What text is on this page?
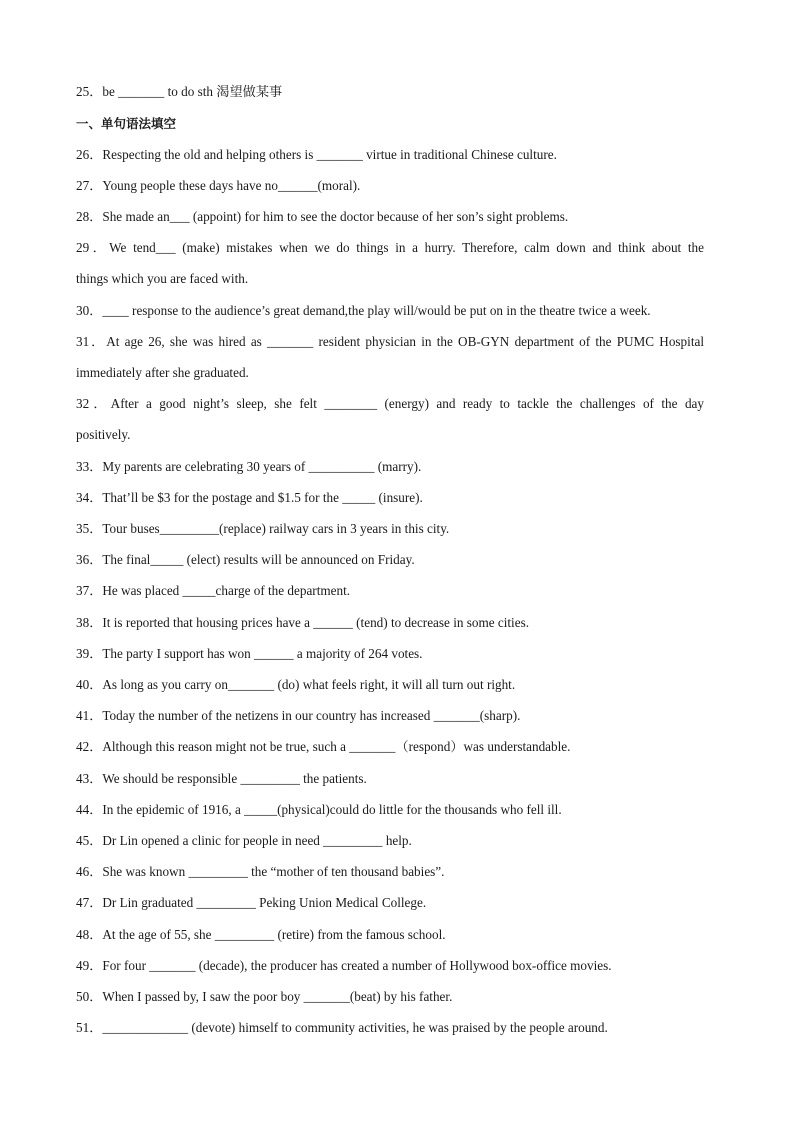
25．be _______ to do sth 渴望做某事
一、单句语法填空
26．Respecting the old and helping others is _______ virtue in traditional Chinese culture.
27．Young people these days have no______(moral).
28．She made an___ (appoint) for him to see the doctor because of her son’s sight problems.
29．We tend___ (make) mistakes when we do things in a hurry. Therefore, calm down and think about the
things which you are faced with.
30．____ response to the audience’s great demand,the play will/would be put on in the theatre twice a week.
31．At age 26, she was hired as _______ resident physician in the OB-GYN department of the PUMC Hospital
immediately after she graduated.
32．After a good night’s sleep, she felt ________ (energy) and ready to tackle the challenges of the day
positively.
33．My parents are celebrating 30 years of __________ (marry).
34．That’ll be $3 for the postage and $1.5 for the _____ (insure).
35．Tour buses_________(replace) railway cars in 3 years in this city.
36．The final_____ (elect) results will be announced on Friday.
37．He was placed _____charge of the department.
38．It is reported that housing prices have a ______ (tend) to decrease in some cities.
39．The party I support has won ______ a majority of 264 votes.
40．As long as you carry on_______ (do) what feels right, it will all turn out right.
41．Today the number of the netizens in our country has increased _______(sharp).
42．Although this reason might not be true, such a _______（respond）was understandable.
43．We should be responsible _________ the patients.
44．In the epidemic of 1916, a _____(physical)could do little for the thousands who fell ill.
45．Dr Lin opened a clinic for people in need _________ help.
46．She was known _________ the “mother of ten thousand babies”.
47．Dr Lin graduated _________ Peking Union Medical College.
48．At the age of 55, she _________ (retire) from the famous school.
49．For four _______ (decade), the producer has created a number of Hollywood box-office movies.
50．When I passed by, I saw the poor boy _______(beat) by his father.
51．_____________ (devote) himself to community activities, he was praised by the people around.
